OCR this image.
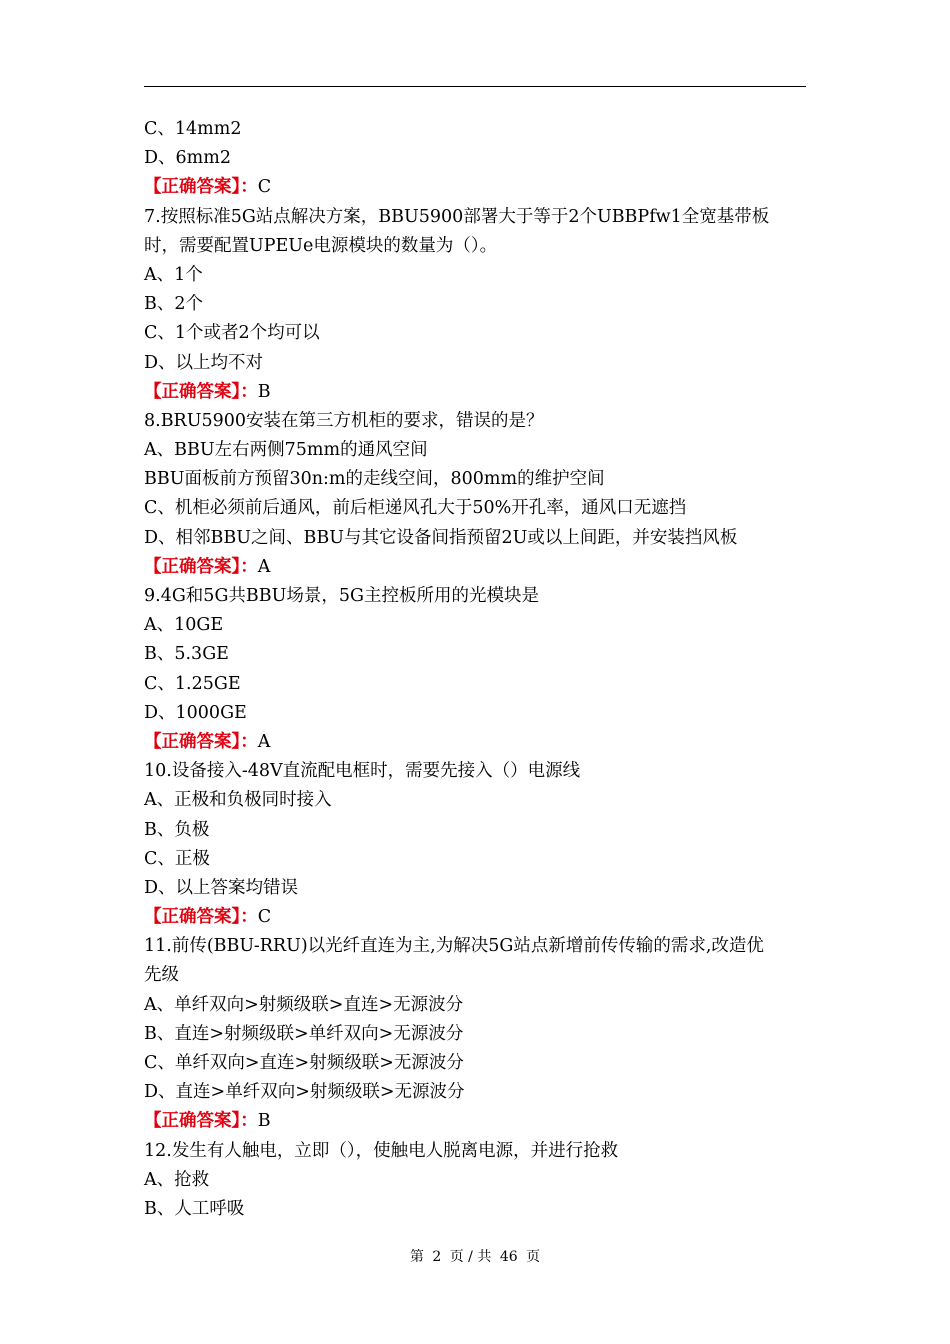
C、14mm2
D、6mm2
【正确答案】：C
7.按照标准5G站点解决方案，BBU5900部署大于等于2个UBBPfw1全宽基带板
时，需要配置UPEUe电源模块的数量为（）。
A、1个
B、2个
C、1个或者2个均可以
D、以上均不对
【正确答案】：B
8.BRU5900安装在第三方机柜的要求，错误的是？
A、BBU左右两侧75mm的通风空间
BBU面板前方预留30n:m的走线空间，800mm的维护空间
C、机柜必须前后通风，前后柜递风孔大于50%开孔率，通风口无遮挡
D、相邻BBU之间、BBU与其它设备间指预留2U或以上间距，并安装挡风板
【正确答案】：A
9.4G和5G共BBU场景，5G主控板所用的光模块是
A、10GE
B、5.3GE
C、1.25GE
D、1000GE
【正确答案】：A
10.设备接入-48V直流配电框时，需要先接入（）电源线
A、正极和负极同时接入
B、负极
C、正极
D、以上答案均错误
【正确答案】：C
11.前传(BBU-RRU)以光纤直连为主,为解决5G站点新增前传传输的需求,改造优
先级
A、单纤双向>射频级联>直连>无源波分
B、直连>射频级联>单纤双向>无源波分
C、单纤双向>直连>射频级联>无源波分
D、直连>单纤双向>射频级联>无源波分
【正确答案】：B
12.发生有人触电，立即（），使触电人脱离电源，并进行抢救
A、抢救
B、人工呼吸
第 2 页 / 共 46 页
